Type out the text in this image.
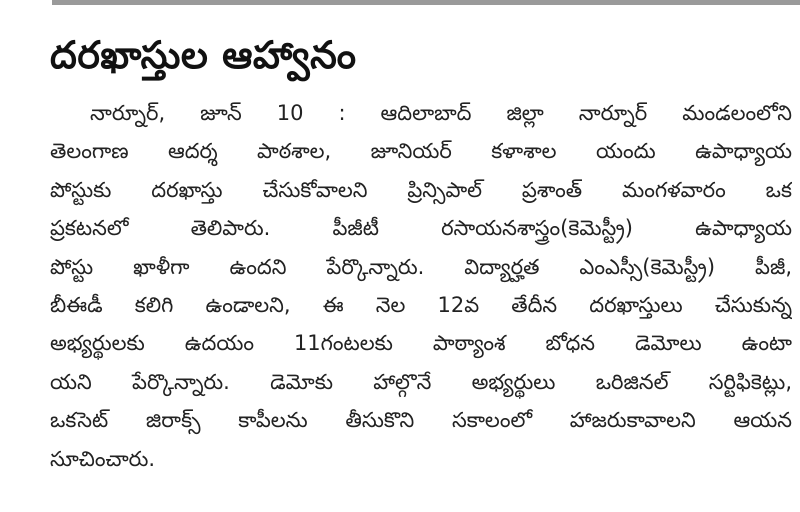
దరఖాస్తుల ఆహ్వానం
నార్నూర్, జూన్ 10 : ఆదిలాబాద్ జిల్లా నార్నూర్ మండలంలోని
తెలంగాణ ఆదర్శ పాఠశాల, జూనియర్ కళాశాల యందు ఉపాధ్యాయ
పోస్టుకు దరఖాస్తు చేసుకోవాలని ప్రిన్సిపాల్ ప్రశాంత్ మంగళవారం ఒక
ప్రకటనలో తెలిపారు. పీజీటీ రసాయనశాస్త్రం(కెమెస్ట్రీ) ఉపాధ్యాయ
పోస్టు ఖాళీగా ఉందని పేర్కొన్నారు. విద్యార్హత ఎంఎస్సీ(కెమెస్ట్రీ) పీజీ,
బీఈడీ కలిగి ఉండాలని, ఈ నెల 12వ తేదీన దరఖాస్తులు చేసుకున్న
అభ్యర్థులకు ఉదయం 11గంటలకు పాఠ్యాంశ బోధన డెమోలు ఉంటా
యని పేర్కొన్నారు. డెమోకు హాల్గొనే అభ్యర్థులు ఒరిజినల్ సర్టిఫికెట్లు,
ఒకసెట్ జిరాక్స్ కాపీలను తీసుకొని సకాలంలో హాజరుకావాలని ఆయన
సూచించారు.
